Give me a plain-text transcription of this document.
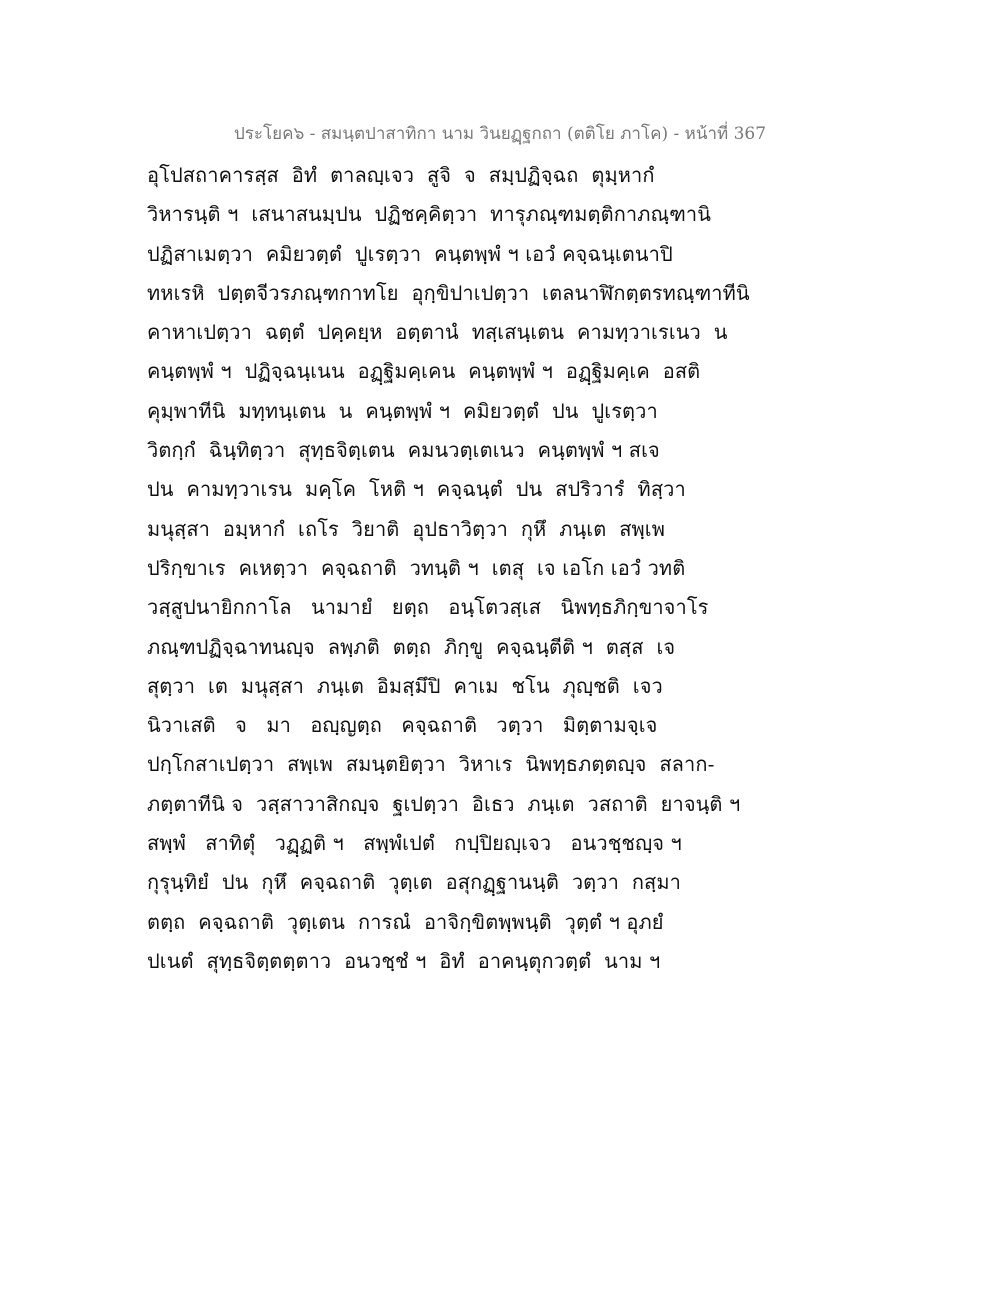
ประโยค๖ - สมนฺตปาสาทิกา นาม วินยฏฺฐกถา (ตติโย ภาโค) - หน้าที่ 367
อุโปสถาคารสฺส  อิทํ  ตาลญฺเจว  สูจิ  จ  สมฺปฏิจฺฉถ  ตุมฺหากํ
วิหารนฺติ ฯ  เสนาสนมฺปน  ปฏิชคฺคิตฺวา  ทารุภณฺฑมตฺติกาภณฺฑานิ
ปฏิสาเมตฺวา  คมิยวตฺตํ  ปูเรตฺวา  คนฺตพฺพํ ฯ เอวํ คจฺฉนฺเตนาปิ
ทหเรหิ  ปตฺตจีวรภณฺฑกาทโย  อุกฺขิปาเปตฺวา  เตลนาฬิกตฺตรทณฺฑาทีนิ
คาหาเปตฺวา  ฉตฺตํ  ปคฺคยฺห  อตฺตานํ  ทสฺเสนฺเตน  คามทฺวาเรเนว  น
คนฺตพฺพํ ฯ  ปฏิจฺฉนฺเนน  อฏฺฐิมคฺเคน  คนฺตพฺพํ ฯ  อฏฺฐิมคฺเค  อสติ
คุมฺพาทีนิ  มทฺทนฺเตน  น  คนฺตพฺพํ ฯ  คมิยวตฺตํ  ปน  ปูเรตฺวา
วิตกฺกํ  ฉินฺทิตฺวา  สุทฺธจิตฺเตน  คมนวตฺเตเนว  คนฺตพฺพํ ฯ สเจ
ปน  คามทฺวาเรน  มคฺโค  โหติ ฯ  คจฺฉนฺตํ  ปน  สปริวารํ  ทิสฺวา
มนุสฺสา  อมฺหากํ  เถโร  วิยาติ  อุปธาวิตฺวา  กุหึ  ภนฺเต  สพฺเพ
ปริกฺขาเร  คเหตฺวา  คจฺฉถาติ  วทนฺติ ฯ  เตสุ  เจ เอโก เอวํ วทติ
วสฺสูปนายิกกาโล   นามายํ   ยตฺถ   อนฺโตวสฺเส   นิพทฺธภิกฺขาจาโร
ภณฺฑปฏิจฺฉาทนญฺจ  ลพฺภติ  ตตฺถ  ภิกฺขู  คจฺฉนฺตีติ ฯ  ตสฺส  เจ
สุตฺวา  เต  มนุสฺสา  ภนฺเต  อิมสฺมึปิ  คาเม  ชโน  ภุญฺชติ  เจว
นิวาเสติ   จ   มา   อญฺญตฺถ   คจฺฉถาติ   วตฺวา   มิตฺตามจฺเจ
ปกฺโกสาเปตฺวา  สพฺเพ  สมนฺตยิตฺวา  วิหาเร  นิพทฺธภตฺตญฺจ  สลาก-
ภตฺตาทีนิ จ  วสฺสาวาสิกญฺจ  ฐเปตฺวา  อิเธว  ภนฺเต  วสถาติ  ยาจนฺติ ฯ
สพฺพํ   สาทิตุํ   วฏฺฏติ ฯ   สพฺพํเปตํ   กปฺปิยญฺเจว   อนวชฺชญฺจ ฯ
กุรุนฺทิยํ  ปน  กุหึ  คจฺฉถาติ  วุตฺเต  อสุกฏฺฐานนฺติ  วตฺวา  กสฺมา
ตตฺถ  คจฺฉถาติ  วุตฺเตน  การณํ  อาจิกฺขิตพฺพนฺติ  วุตฺตํ ฯ อุภยํ
ปเนตํ  สุทฺธจิตฺตตฺตาว  อนวชฺชํ ฯ  อิทํ  อาคนฺตุกวตฺตํ  นาม ฯ
